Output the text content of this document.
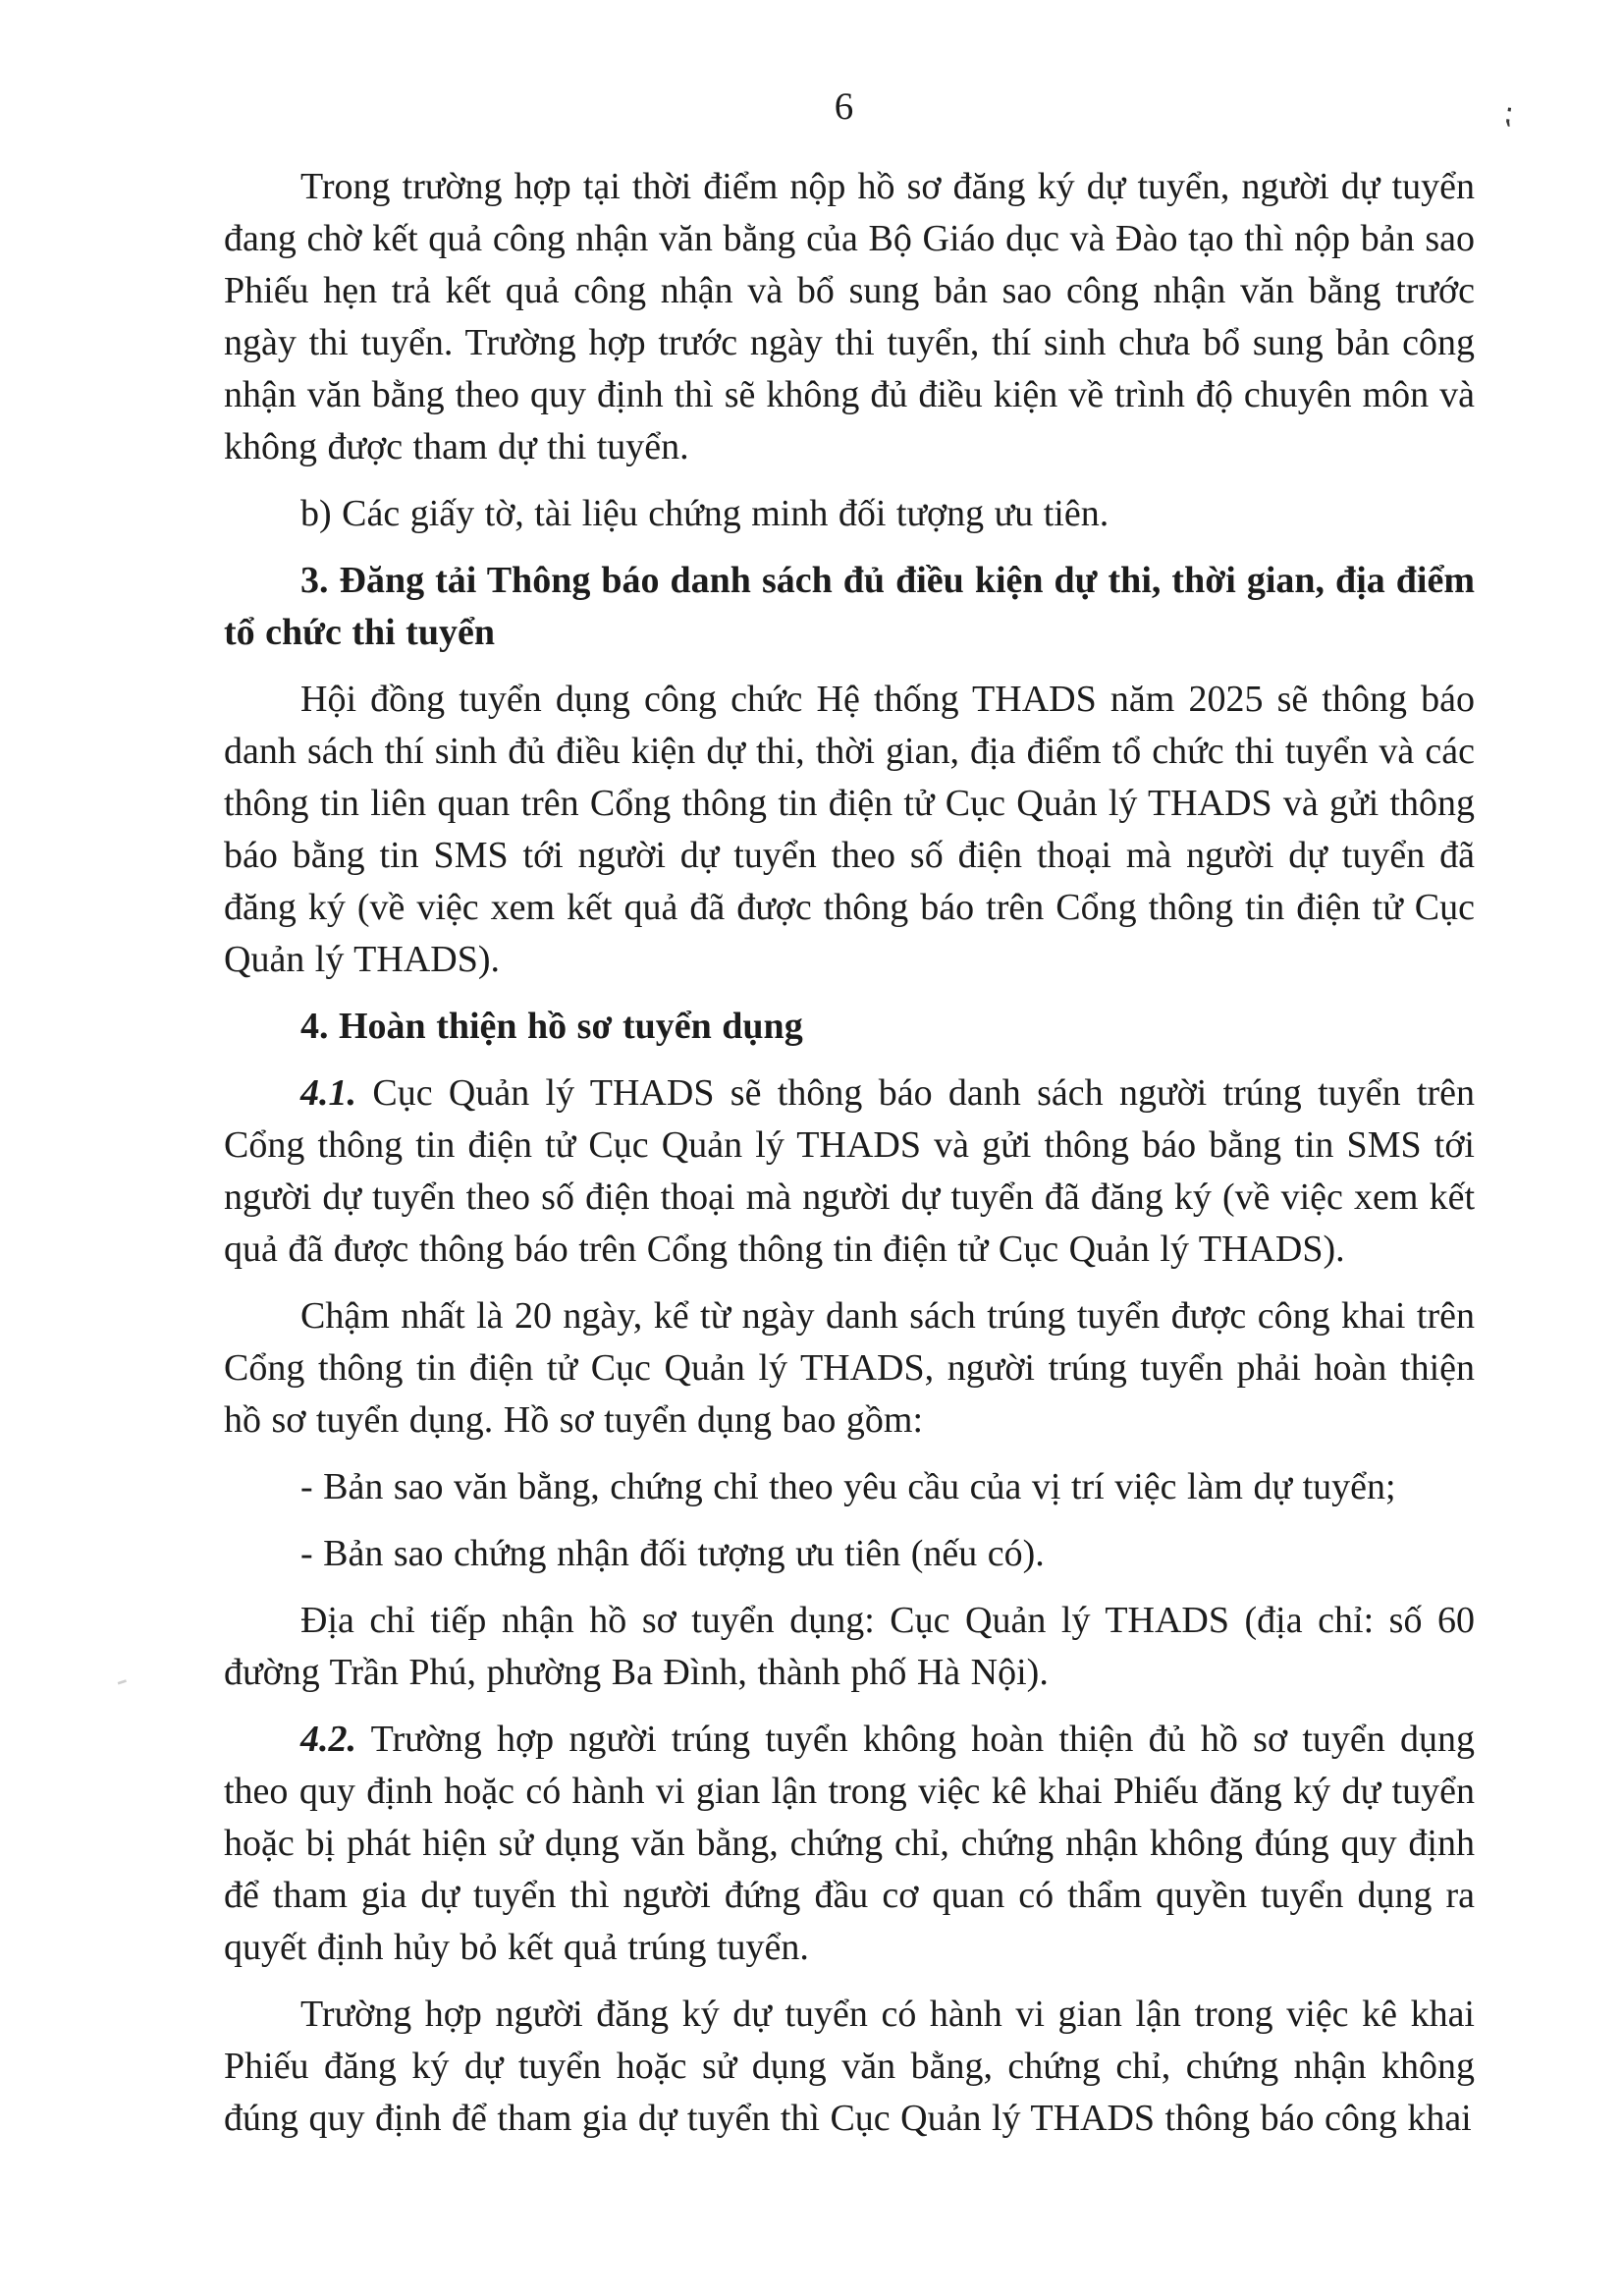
6	⁏
‐

Trong trường hợp tại thời điểm nộp hồ sơ đăng ký dự tuyển, người dự tuyển đang chờ kết quả công nhận văn bằng của Bộ Giáo dục và Đào tạo thì nộp bản sao Phiếu hẹn trả kết quả công nhận và bổ sung bản sao công nhận văn bằng trước ngày thi tuyển. Trường hợp trước ngày thi tuyển, thí sinh chưa bổ sung bản công nhận văn bằng theo quy định thì sẽ không đủ điều kiện về trình độ chuyên môn và không được tham dự thi tuyển.

b) Các giấy tờ, tài liệu chứng minh đối tượng ưu tiên.

3. Đăng tải Thông báo danh sách đủ điều kiện dự thi, thời gian, địa điểm tổ chức thi tuyển

Hội đồng tuyển dụng công chức Hệ thống THADS năm 2025 sẽ thông báo danh sách thí sinh đủ điều kiện dự thi, thời gian, địa điểm tổ chức thi tuyển và các thông tin liên quan trên Cổng thông tin điện tử Cục Quản lý THADS và gửi thông báo bằng tin SMS tới người dự tuyển theo số điện thoại mà người dự tuyển đã đăng ký (về việc xem kết quả đã được thông báo trên Cổng thông tin điện tử Cục Quản lý THADS).

4. Hoàn thiện hồ sơ tuyển dụng

4.1. Cục Quản lý THADS sẽ thông báo danh sách người trúng tuyển trên Cổng thông tin điện tử Cục Quản lý THADS và gửi thông báo bằng tin SMS tới người dự tuyển theo số điện thoại mà người dự tuyển đã đăng ký (về việc xem kết quả đã được thông báo trên Cổng thông tin điện tử Cục Quản lý THADS).

Chậm nhất là 20 ngày, kể từ ngày danh sách trúng tuyển được công khai trên Cổng thông tin điện tử Cục Quản lý THADS, người trúng tuyển phải hoàn thiện hồ sơ tuyển dụng. Hồ sơ tuyển dụng bao gồm:

- Bản sao văn bằng, chứng chỉ theo yêu cầu của vị trí việc làm dự tuyển;

- Bản sao chứng nhận đối tượng ưu tiên (nếu có).

Địa chỉ tiếp nhận hồ sơ tuyển dụng: Cục Quản lý THADS (địa chỉ: số 60 đường Trần Phú, phường Ba Đình, thành phố Hà Nội).

4.2. Trường hợp người trúng tuyển không hoàn thiện đủ hồ sơ tuyển dụng theo quy định hoặc có hành vi gian lận trong việc kê khai Phiếu đăng ký dự tuyển hoặc bị phát hiện sử dụng văn bằng, chứng chỉ, chứng nhận không đúng quy định để tham gia dự tuyển thì người đứng đầu cơ quan có thẩm quyền tuyển dụng ra quyết định hủy bỏ kết quả trúng tuyển.

Trường hợp người đăng ký dự tuyển có hành vi gian lận trong việc kê khai Phiếu đăng ký dự tuyển hoặc sử dụng văn bằng, chứng chỉ, chứng nhận không đúng quy định để tham gia dự tuyển thì Cục Quản lý THADS thông báo công khai
